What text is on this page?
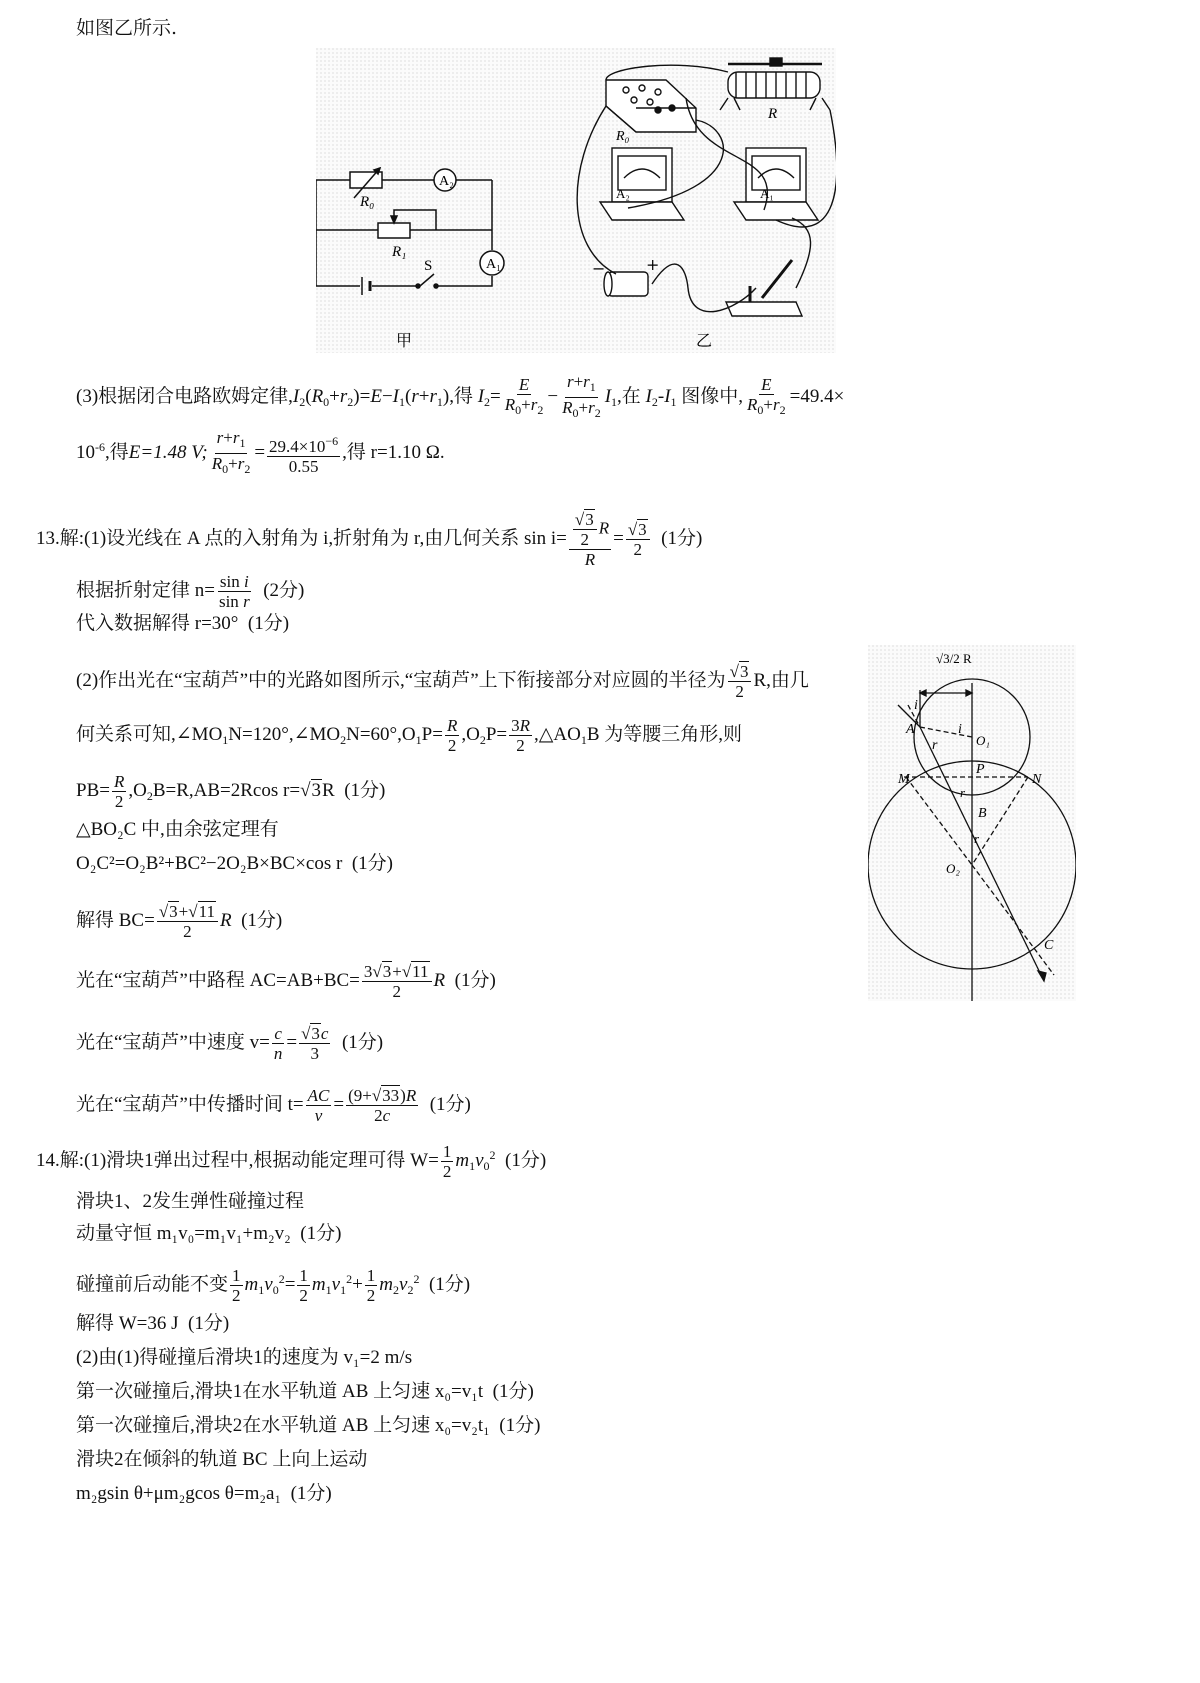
如图乙所示.
A₂
R₀
R₁
A₁
S
甲
R₀
R
A₂	A₁
−	+
乙
(3)根据闭合电路欧姆定律$,I_2(R_0+r_2)=E-I_1(r+r_1)$,得 $I_2= \frac{E}{R_0+r_2} - \frac{r+r_1}{R_0+r_2} I_1$,在 $I_2-I_1$ 图像中, $\frac{E}{R_0+r_2} =49.4\times$
$10^{-6}$,得E=1.48 V; $\frac{r+r_1}{R_0+r_2} = \frac{29.4\times 10^{-6}}{0.55}$ ,得 r=1.10 Ω.
13.解:(1)设光线在 A 点的入射角为 i,折射角为 r,由几何关系 $\sin i= \frac{\frac{√3}{2} R}{R} = \frac{√3}{2} (1$分)
根据折射定律 $n= \frac{\text{sin i}}{\text{sin r}} (2$分)
代入数据解得 r=30° (1分)
(2)作出光在“宝葫芦”中的光路如图所示,“宝葫芦”上下衔接部分对应圆的半径为 $\frac{√3}{2} R$,由几
何关系可知$,\angle MO_1N=120^\circ,\angle MO_2N=60^\circ,O_1P= \frac{R}{2} ,O_2P= \frac{3R}{2}$ $,\triangle AO_1B$ 为等腰三角形,则
$PB= \frac{R}{2} ,O_2B=R,AB=2Rcos$ r=√3R (1分)
△BO₂C 中,由余弦定理有
O₂C²=O₂B²+BC²−2O₂B×BC×cos r (1分)
解得 $BC= \frac{√3+√11}{2}$ R (1分)
光在“宝葫芦”中路程 $AC=AB+BC= \frac{3√3+√11}{2}$ R (1分)
光在“宝葫芦”中速度 $v= \frac{c}{n} = \frac{√3c}{3} (1$分)
光在“宝葫芦”中传播时间 $t= \frac{AC}{v} = \frac{(9+√33)R}{2c} (1$分)
√3/2 R
A
i
i
O₁
r
M	N
P
r
B
r
O₂
C
14.解:(1)滑块1弹出过程中,根据动能定理可得 $W= \frac{1}{2} m_1v_0^2$ (1分)
滑块1、2发生弹性碰撞过程
动量守恒 m₁v₀=m₁v₁+m₂v₂ (1分)
碰撞前后动能不变 $\frac{1}{2} m_1v_0^2= \frac{1}{2} m_1v_1^2+ \frac{1}{2} m_2v_2^2$ (1分)
解得 W=36 J (1分)
(2)由(1)得碰撞后滑块1的速度为 v₁=2 m/s
第一次碰撞后,滑块1在水平轨道 AB 上匀速 x₀=v₁t (1分)
第一次碰撞后,滑块2在水平轨道 AB 上匀速 x₀=v₂t₁ (1分)
滑块2在倾斜的轨道 BC 上向上运动
m₂gsin θ+μm₂gcos θ=m₂a₁ (1分)
